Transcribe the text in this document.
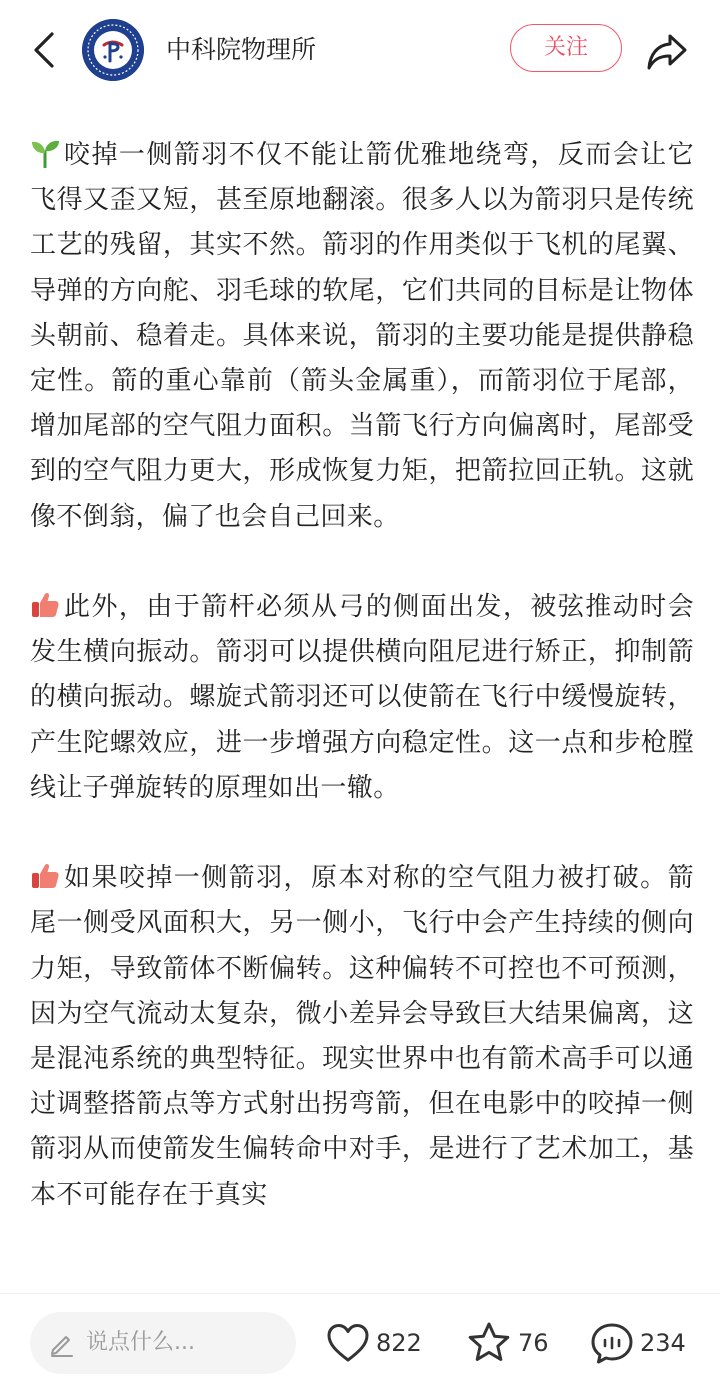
中科院物理所	关注

咬掉一侧箭羽不仅不能让箭优雅地绕弯，反而会让它飞得又歪又短，甚至原地翻滚。很多人以为箭羽只是传统工艺的残留，其实不然。箭羽的作用类似于飞机的尾翼、导弹的方向舵、羽毛球的软尾，它们共同的目标是让物体头朝前、稳着走。具体来说，箭羽的主要功能是提供静稳定性。箭的重心靠前（箭头金属重），而箭羽位于尾部，增加尾部的空气阻力面积。当箭飞行方向偏离时，尾部受到的空气阻力更大，形成恢复力矩，把箭拉回正轨。这就像不倒翁，偏了也会自己回来。

此外，由于箭杆必须从弓的侧面出发，被弦推动时会发生横向振动。箭羽可以提供横向阻尼进行矫正，抑制箭的横向振动。螺旋式箭羽还可以使箭在飞行中缓慢旋转，产生陀螺效应，进一步增强方向稳定性。这一点和步枪膛线让子弹旋转的原理如出一辙。

如果咬掉一侧箭羽，原本对称的空气阻力被打破。箭尾一侧受风面积大，另一侧小，飞行中会产生持续的侧向力矩，导致箭体不断偏转。这种偏转不可控也不可预测，因为空气流动太复杂，微小差异会导致巨大结果偏离，这是混沌系统的典型特征。现实世界中也有箭术高手可以通过调整搭箭点等方式射出拐弯箭，但在电影中的咬掉一侧箭羽从而使箭发生偏转命中对手，是进行了艺术加工，基本不可能存在于真实

说点什么...	822	76	234
